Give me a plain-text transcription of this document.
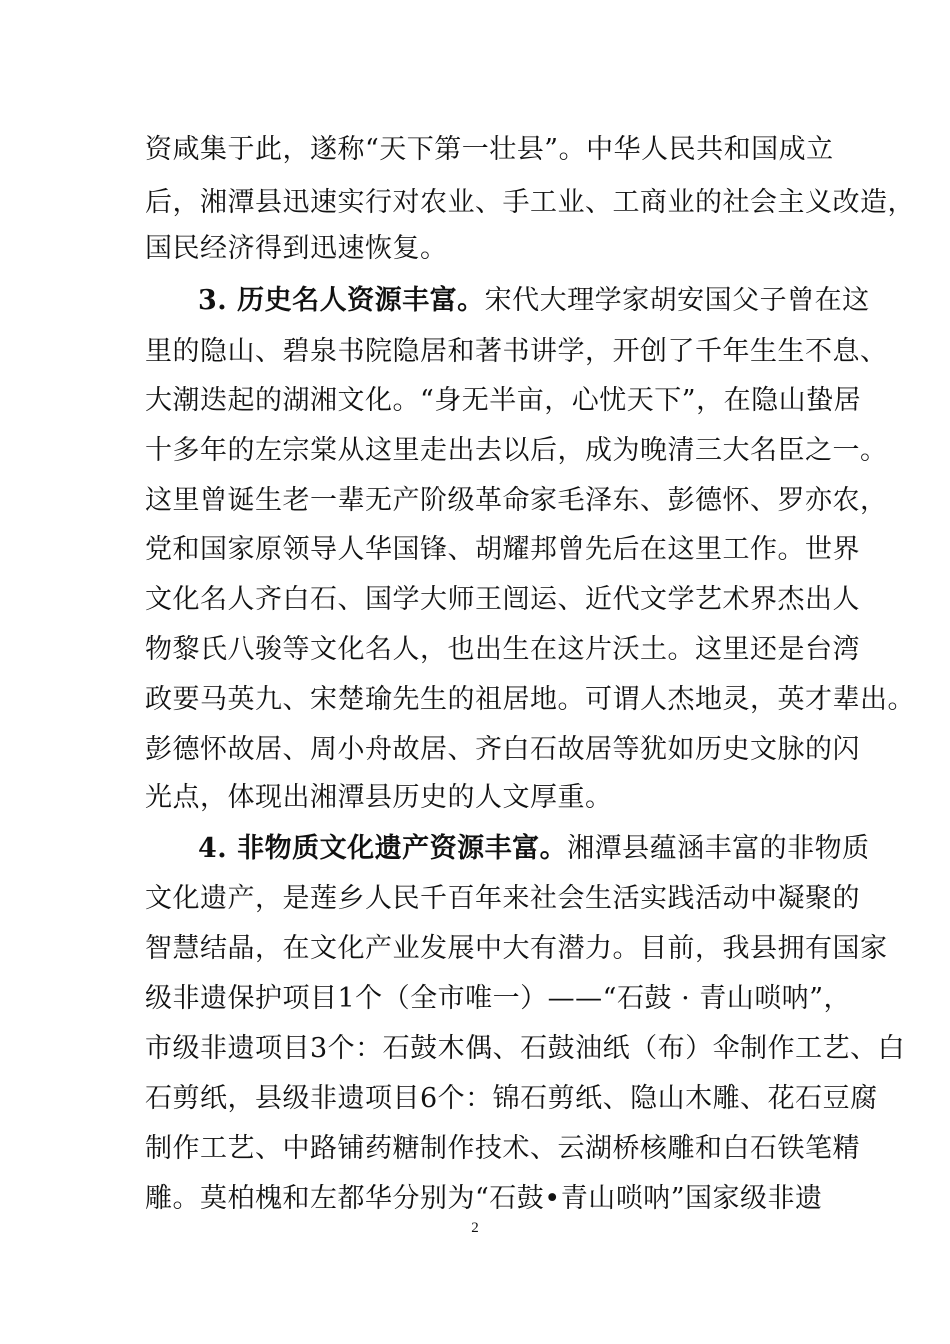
资咸集于此，遂称“天下第一壮县”。中华人民共和国成立
后，湘潭县迅速实行对农业、手工业、工商业的社会主义改造，
国民经济得到迅速恢复。
3. 历史名人资源丰富。宋代大理学家胡安国父子曾在这
里的隐山、碧泉书院隐居和著书讲学，开创了千年生生不息、
大潮迭起的湖湘文化。“身无半亩，心忧天下”，在隐山蛰居
十多年的左宗棠从这里走出去以后，成为晚清三大名臣之一。
这里曾诞生老一辈无产阶级革命家毛泽东、彭德怀、罗亦农，
党和国家原领导人华国锋、胡耀邦曾先后在这里工作。世界
文化名人齐白石、国学大师王闿运、近代文学艺术界杰出人
物黎氏八骏等文化名人，也出生在这片沃土。这里还是台湾
政要马英九、宋楚瑜先生的祖居地。可谓人杰地灵，英才辈出。
彭德怀故居、周小舟故居、齐白石故居等犹如历史文脉的闪
光点，体现出湘潭县历史的人文厚重。
4. 非物质文化遗产资源丰富。湘潭县蕴涵丰富的非物质
文化遗产，是莲乡人民千百年来社会生活实践活动中凝聚的
智慧结晶，在文化产业发展中大有潜力。目前，我县拥有国家
级非遗保护项目1个（全市唯一）——“石鼓 · 青山唢呐”，
市级非遗项目3个：石鼓木偶、石鼓油纸（布）伞制作工艺、白
石剪纸，县级非遗项目6个：锦石剪纸、隐山木雕、花石豆腐
制作工艺、中路铺药糖制作技术、云湖桥核雕和白石铁笔精
雕。莫柏槐和左都华分别为“石鼓•青山唢呐”国家级非遗
2
